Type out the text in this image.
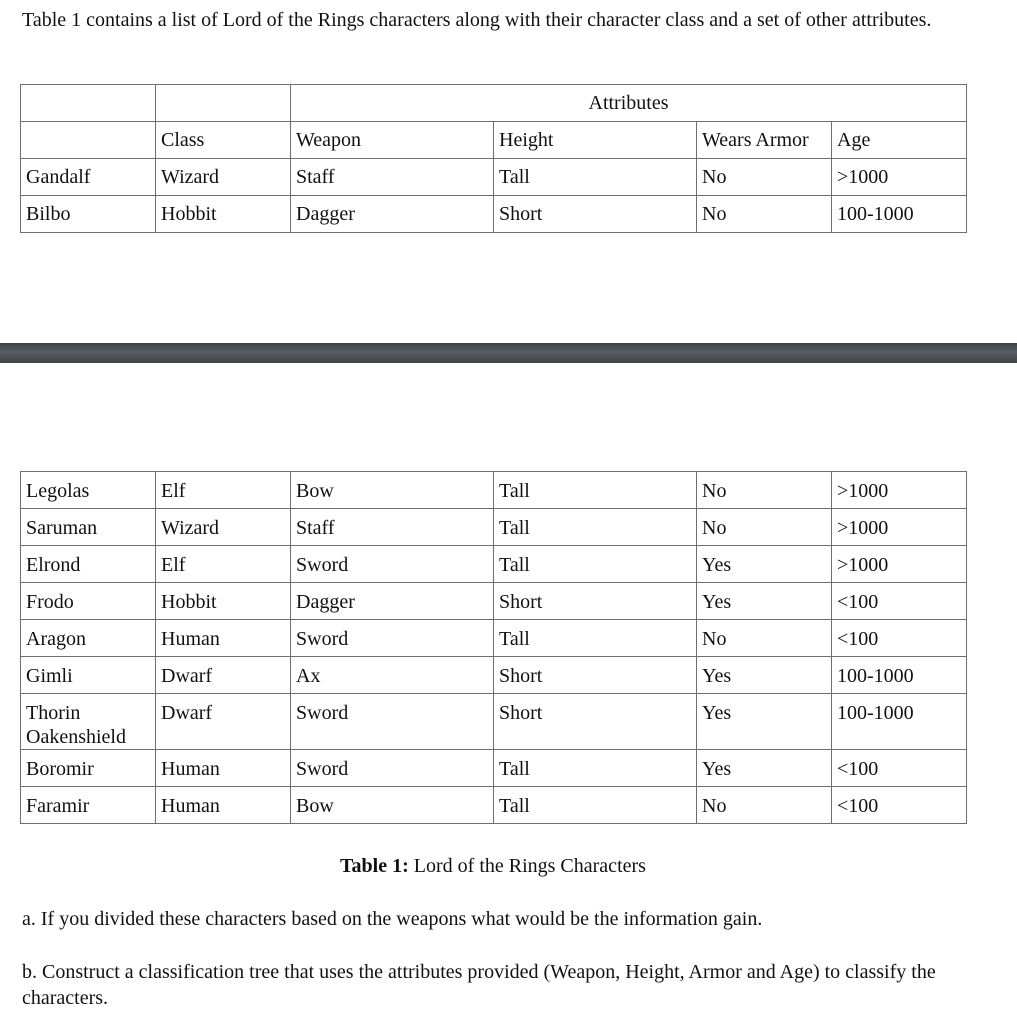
Table 1 contains a list of Lord of the Rings characters along with their character class and a set of other attributes.
		Attributes			
	Class	Weapon	Height	Wears Armor	Age
Gandalf	Wizard	Staff	Tall	No	>1000
Bilbo	Hobbit	Dagger	Short	No	100-1000
Legolas	Elf	Bow	Tall	No	>1000
Saruman	Wizard	Staff	Tall	No	>1000
Elrond	Elf	Sword	Tall	Yes	>1000
Frodo	Hobbit	Dagger	Short	Yes	<100
Aragon	Human	Sword	Tall	No	<100
Gimli	Dwarf	Ax	Short	Yes	100-1000
Thorin Oakenshield	Dwarf	Sword	Short	Yes	100-1000
Boromir	Human	Sword	Tall	Yes	<100
Faramir	Human	Bow	Tall	No	<100
Table 1: Lord of the Rings Characters
a. If you divided these characters based on the weapons what would be the information gain.
b. Construct a classification tree that uses the attributes provided (Weapon, Height, Armor and Age) to classify the characters.
